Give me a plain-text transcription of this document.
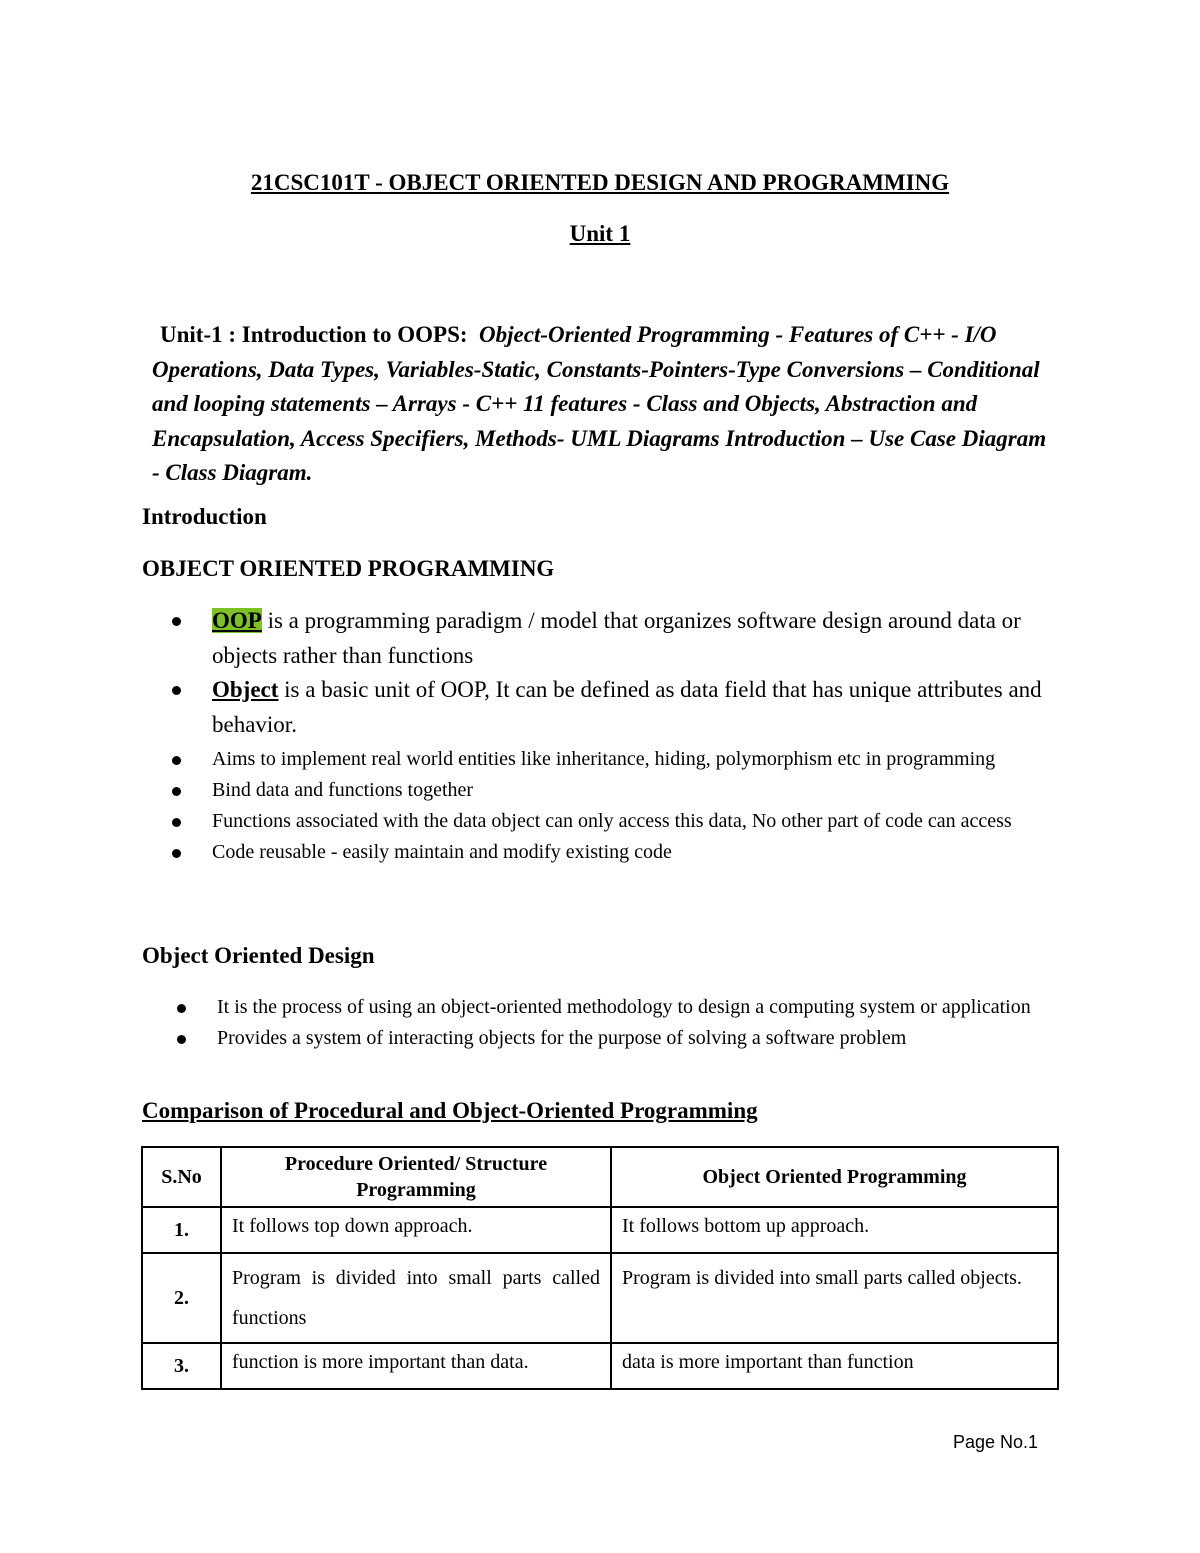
21CSC101T - OBJECT ORIENTED DESIGN AND PROGRAMMING
Unit 1
Unit-1 : Introduction to OOPS: Object-Oriented Programming - Features of C++ - I/O Operations, Data Types, Variables-Static, Constants-Pointers-Type Conversions – Conditional and looping statements – Arrays - C++ 11 features - Class and Objects, Abstraction and Encapsulation, Access Specifiers, Methods- UML Diagrams Introduction – Use Case Diagram - Class Diagram.
Introduction
OBJECT ORIENTED PROGRAMMING
OOP is a programming paradigm / model that organizes software design around data or objects rather than functions
Object is a basic unit of OOP, It can be defined as data field that has unique attributes and behavior.
Aims to implement real world entities like inheritance, hiding, polymorphism etc in programming
Bind data and functions together
Functions associated with the data object can only access this data, No other part of code can access
Code reusable - easily maintain and modify existing code
Object Oriented Design
It is the process of using an object-oriented methodology to design a computing system or application
Provides a system of interacting objects for the purpose of solving a software problem
Comparison of Procedural and Object-Oriented Programming
S.No	Procedure Oriented/ Structure Programming	Object Oriented Programming
1.	It follows top down approach.	It follows bottom up approach.
2.	Program is divided into small parts called functions	Program is divided into small parts called objects.
3.	function is more important than data.	data is more important than function
Page No.1
